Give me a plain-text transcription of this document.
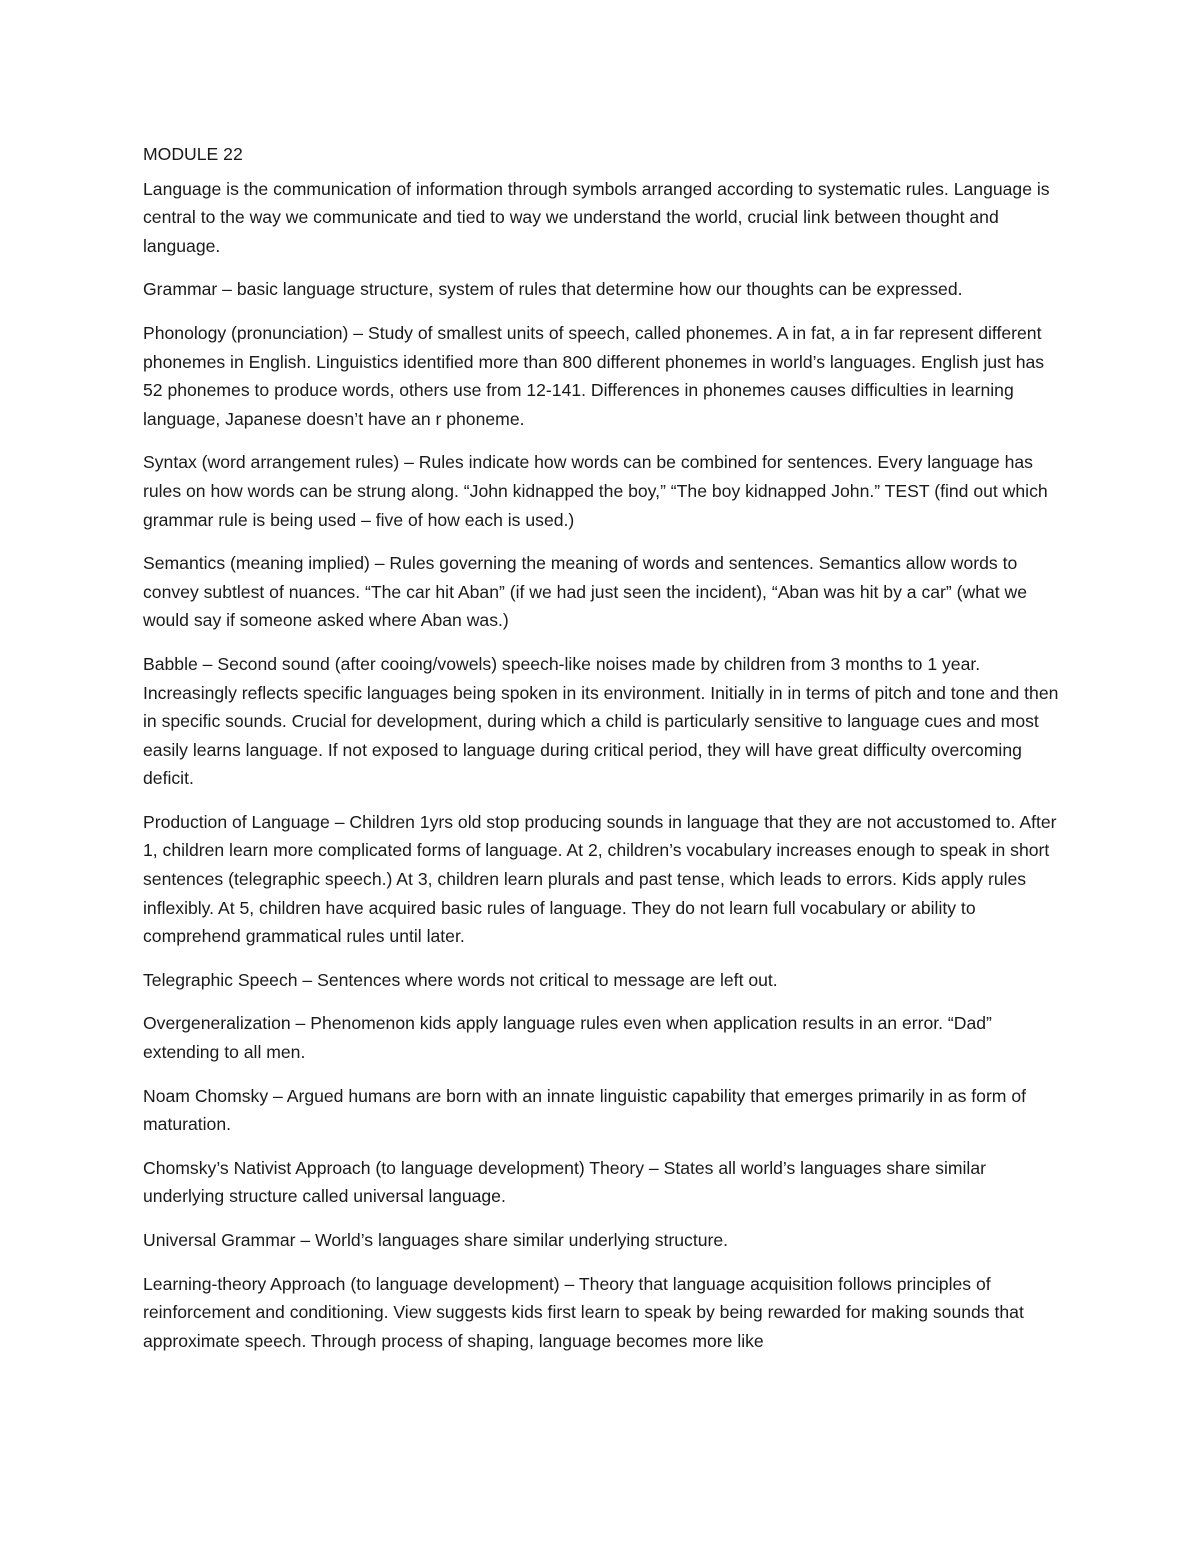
MODULE 22

Language is the communication of information through symbols arranged according to systematic rules. Language is central to the way we communicate and tied to way we understand the world, crucial link between thought and language.

Grammar – basic language structure, system of rules that determine how our thoughts can be expressed.

Phonology (pronunciation) – Study of smallest units of speech, called phonemes. A in fat, a in far represent different phonemes in English. Linguistics identified more than 800 different phonemes in world’s languages. English just has 52 phonemes to produce words, others use from 12-141. Differences in phonemes causes difficulties in learning language, Japanese doesn’t have an r phoneme.

Syntax (word arrangement rules) – Rules indicate how words can be combined for sentences. Every language has rules on how words can be strung along. “John kidnapped the boy,” “The boy kidnapped John.” TEST (find out which grammar rule is being used – five of how each is used.)

Semantics (meaning implied) – Rules governing the meaning of words and sentences. Semantics allow words to convey subtlest of nuances. “The car hit Aban” (if we had just seen the incident), “Aban was hit by a car” (what we would say if someone asked where Aban was.)

Babble – Second sound (after cooing/vowels) speech-like noises made by children from 3 months to 1 year. Increasingly reflects specific languages being spoken in its environment. Initially in in terms of pitch and tone and then in specific sounds. Crucial for development, during which a child is particularly sensitive to language cues and most easily learns language. If not exposed to language during critical period, they will have great difficulty overcoming deficit.

Production of Language – Children 1yrs old stop producing sounds in language that they are not accustomed to. After 1, children learn more complicated forms of language. At 2, children’s vocabulary increases enough to speak in short sentences (telegraphic speech.) At 3, children learn plurals and past tense, which leads to errors. Kids apply rules inflexibly. At 5, children have acquired basic rules of language. They do not learn full vocabulary or ability to comprehend grammatical rules until later.

Telegraphic Speech – Sentences where words not critical to message are left out.

Overgeneralization – Phenomenon kids apply language rules even when application results in an error. “Dad” extending to all men.

Noam Chomsky – Argued humans are born with an innate linguistic capability that emerges primarily in as form of maturation.

Chomsky’s Nativist Approach (to language development) Theory – States all world’s languages share similar underlying structure called universal language.

Universal Grammar – World’s languages share similar underlying structure.

Learning-theory Approach (to language development) – Theory that language acquisition follows principles of reinforcement and conditioning. View suggests kids first learn to speak by being rewarded for making sounds that approximate speech. Through process of shaping, language becomes more like
